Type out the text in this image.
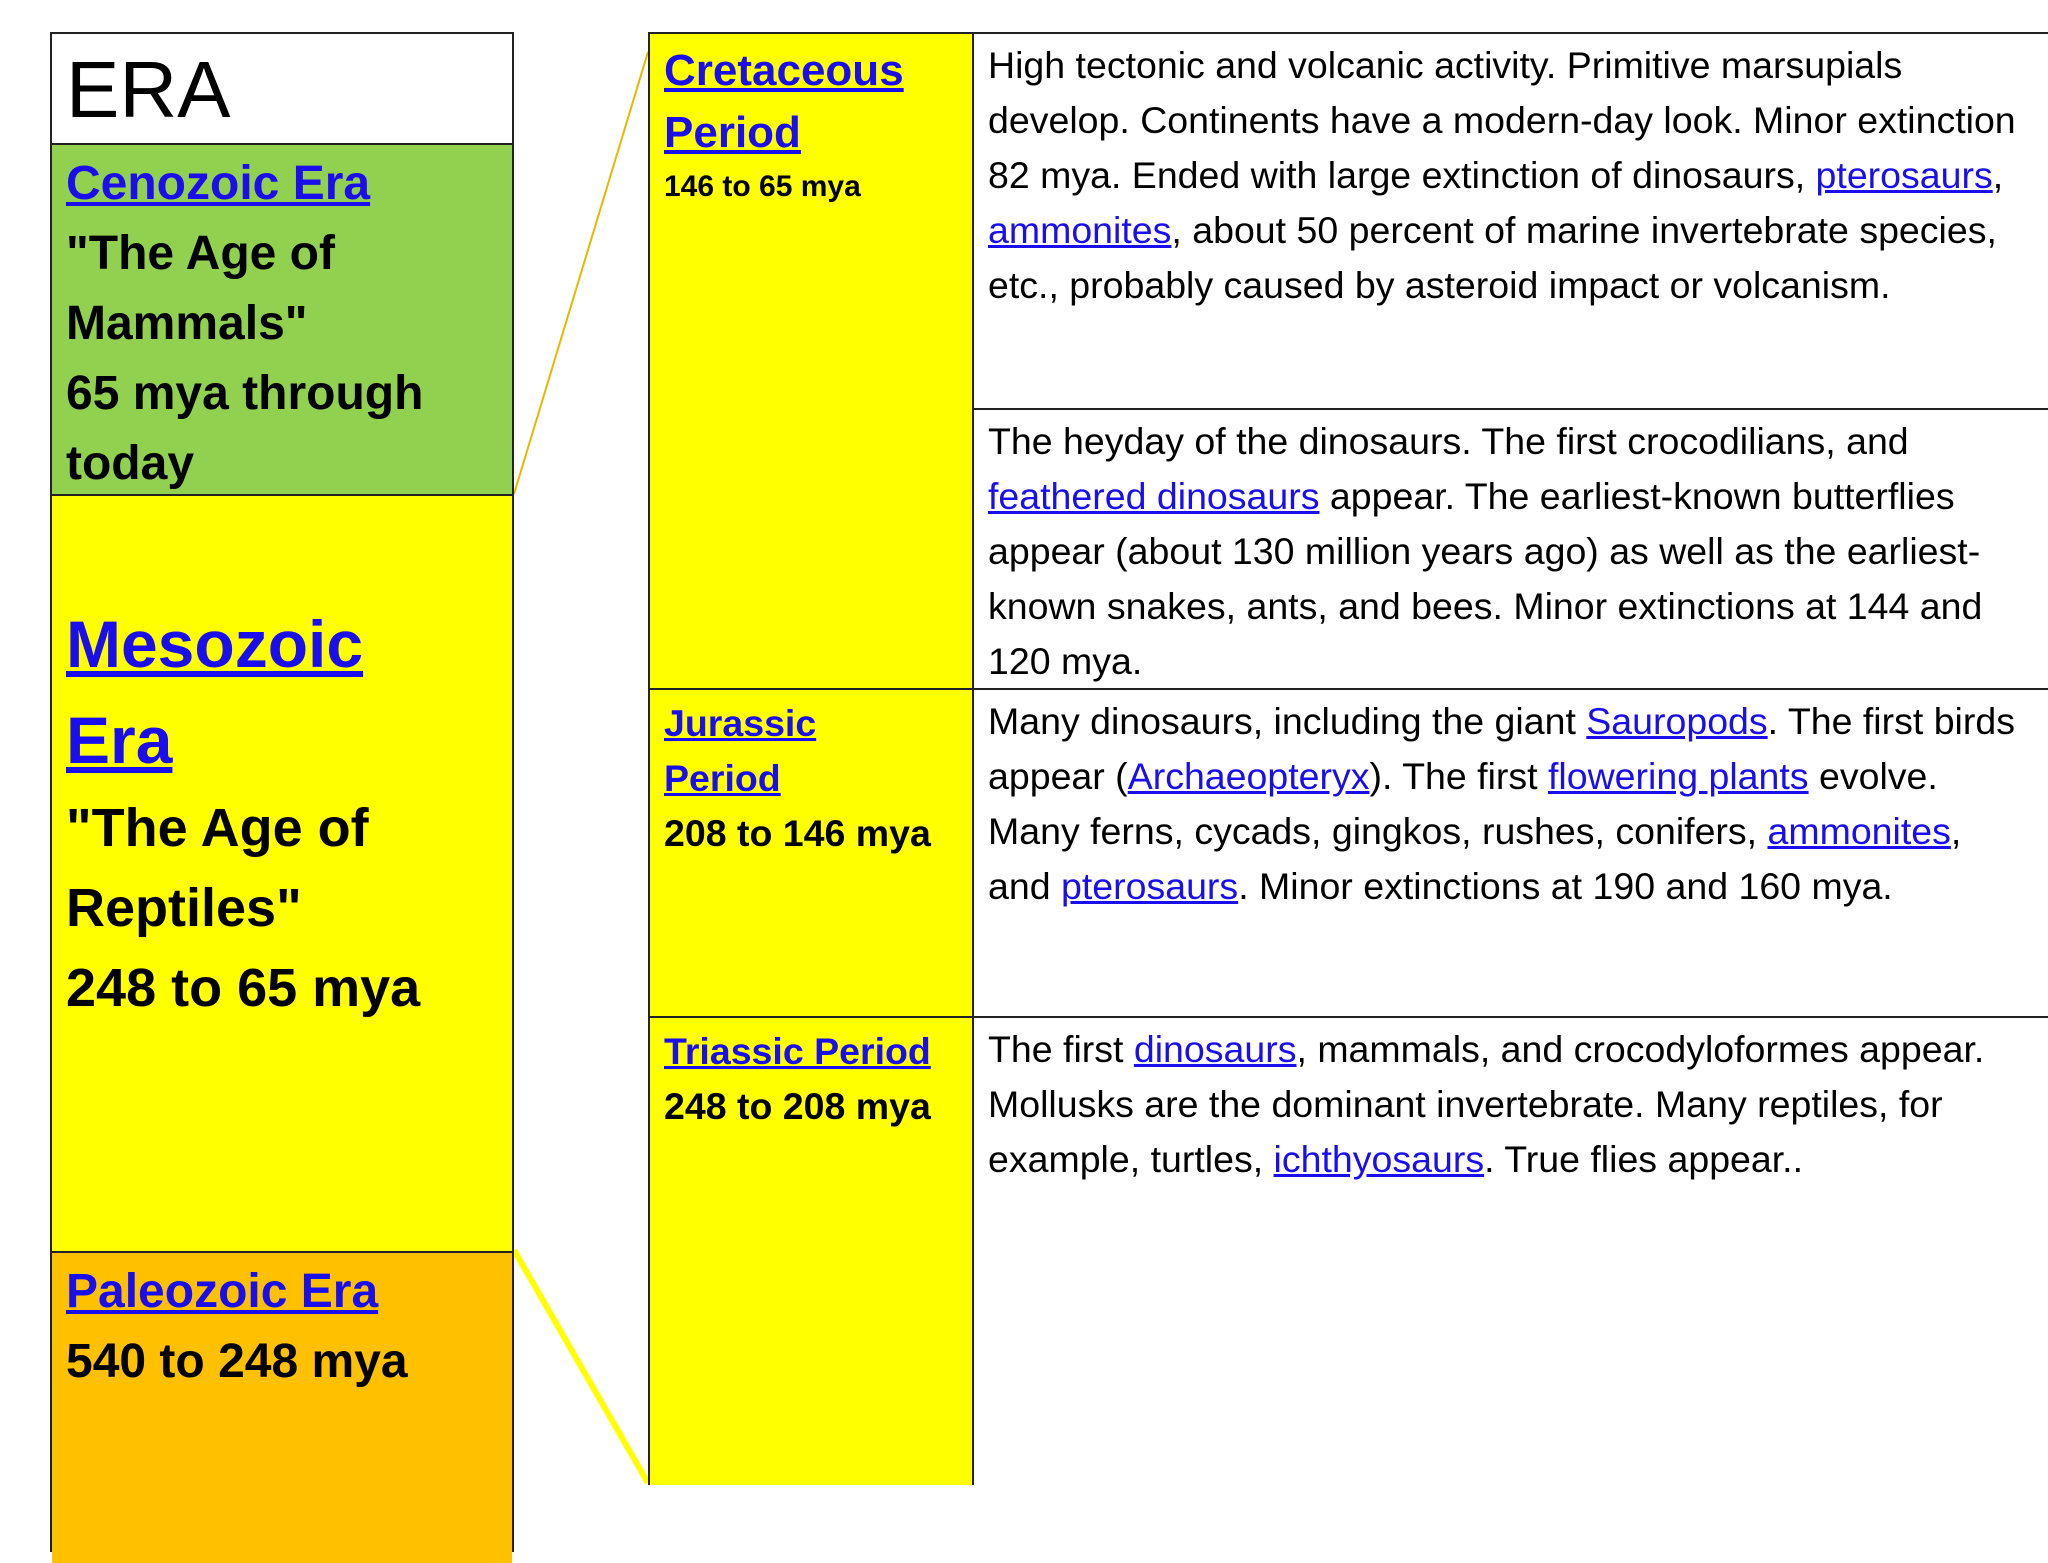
ERA
Cenozoic Era
"The Age of Mammals"
65 mya through today
Mesozoic
Era
"The Age of
Reptiles"
248 to 65 mya
Paleozoic Era
540 to 248 mya
Cretaceous
Period
146 to 65 mya
High tectonic and volcanic activity. Primitive marsupials develop. Continents have a modern-day look. Minor extinction 82 mya. Ended with large extinction of dinosaurs, pterosaurs, ammonites, about 50 percent of marine invertebrate species, etc., probably caused by asteroid impact or volcanism.
The heyday of the dinosaurs. The first crocodilians, and feathered dinosaurs appear. The earliest-known butterflies appear (about 130 million years ago) as well as the earliest-known snakes, ants, and bees. Minor extinctions at 144 and 120 mya.
Jurassic
Period
208 to 146 mya
Many dinosaurs, including the giant Sauropods. The first birds appear (Archaeopteryx). The first flowering plants evolve. Many ferns, cycads, gingkos, rushes, conifers, ammonites, and pterosaurs. Minor extinctions at 190 and 160 mya.
Triassic Period
248 to 208 mya
The first dinosaurs, mammals, and crocodyloformes appear. Mollusks are the dominant invertebrate. Many reptiles, for example, turtles, ichthyosaurs. True flies appear..
